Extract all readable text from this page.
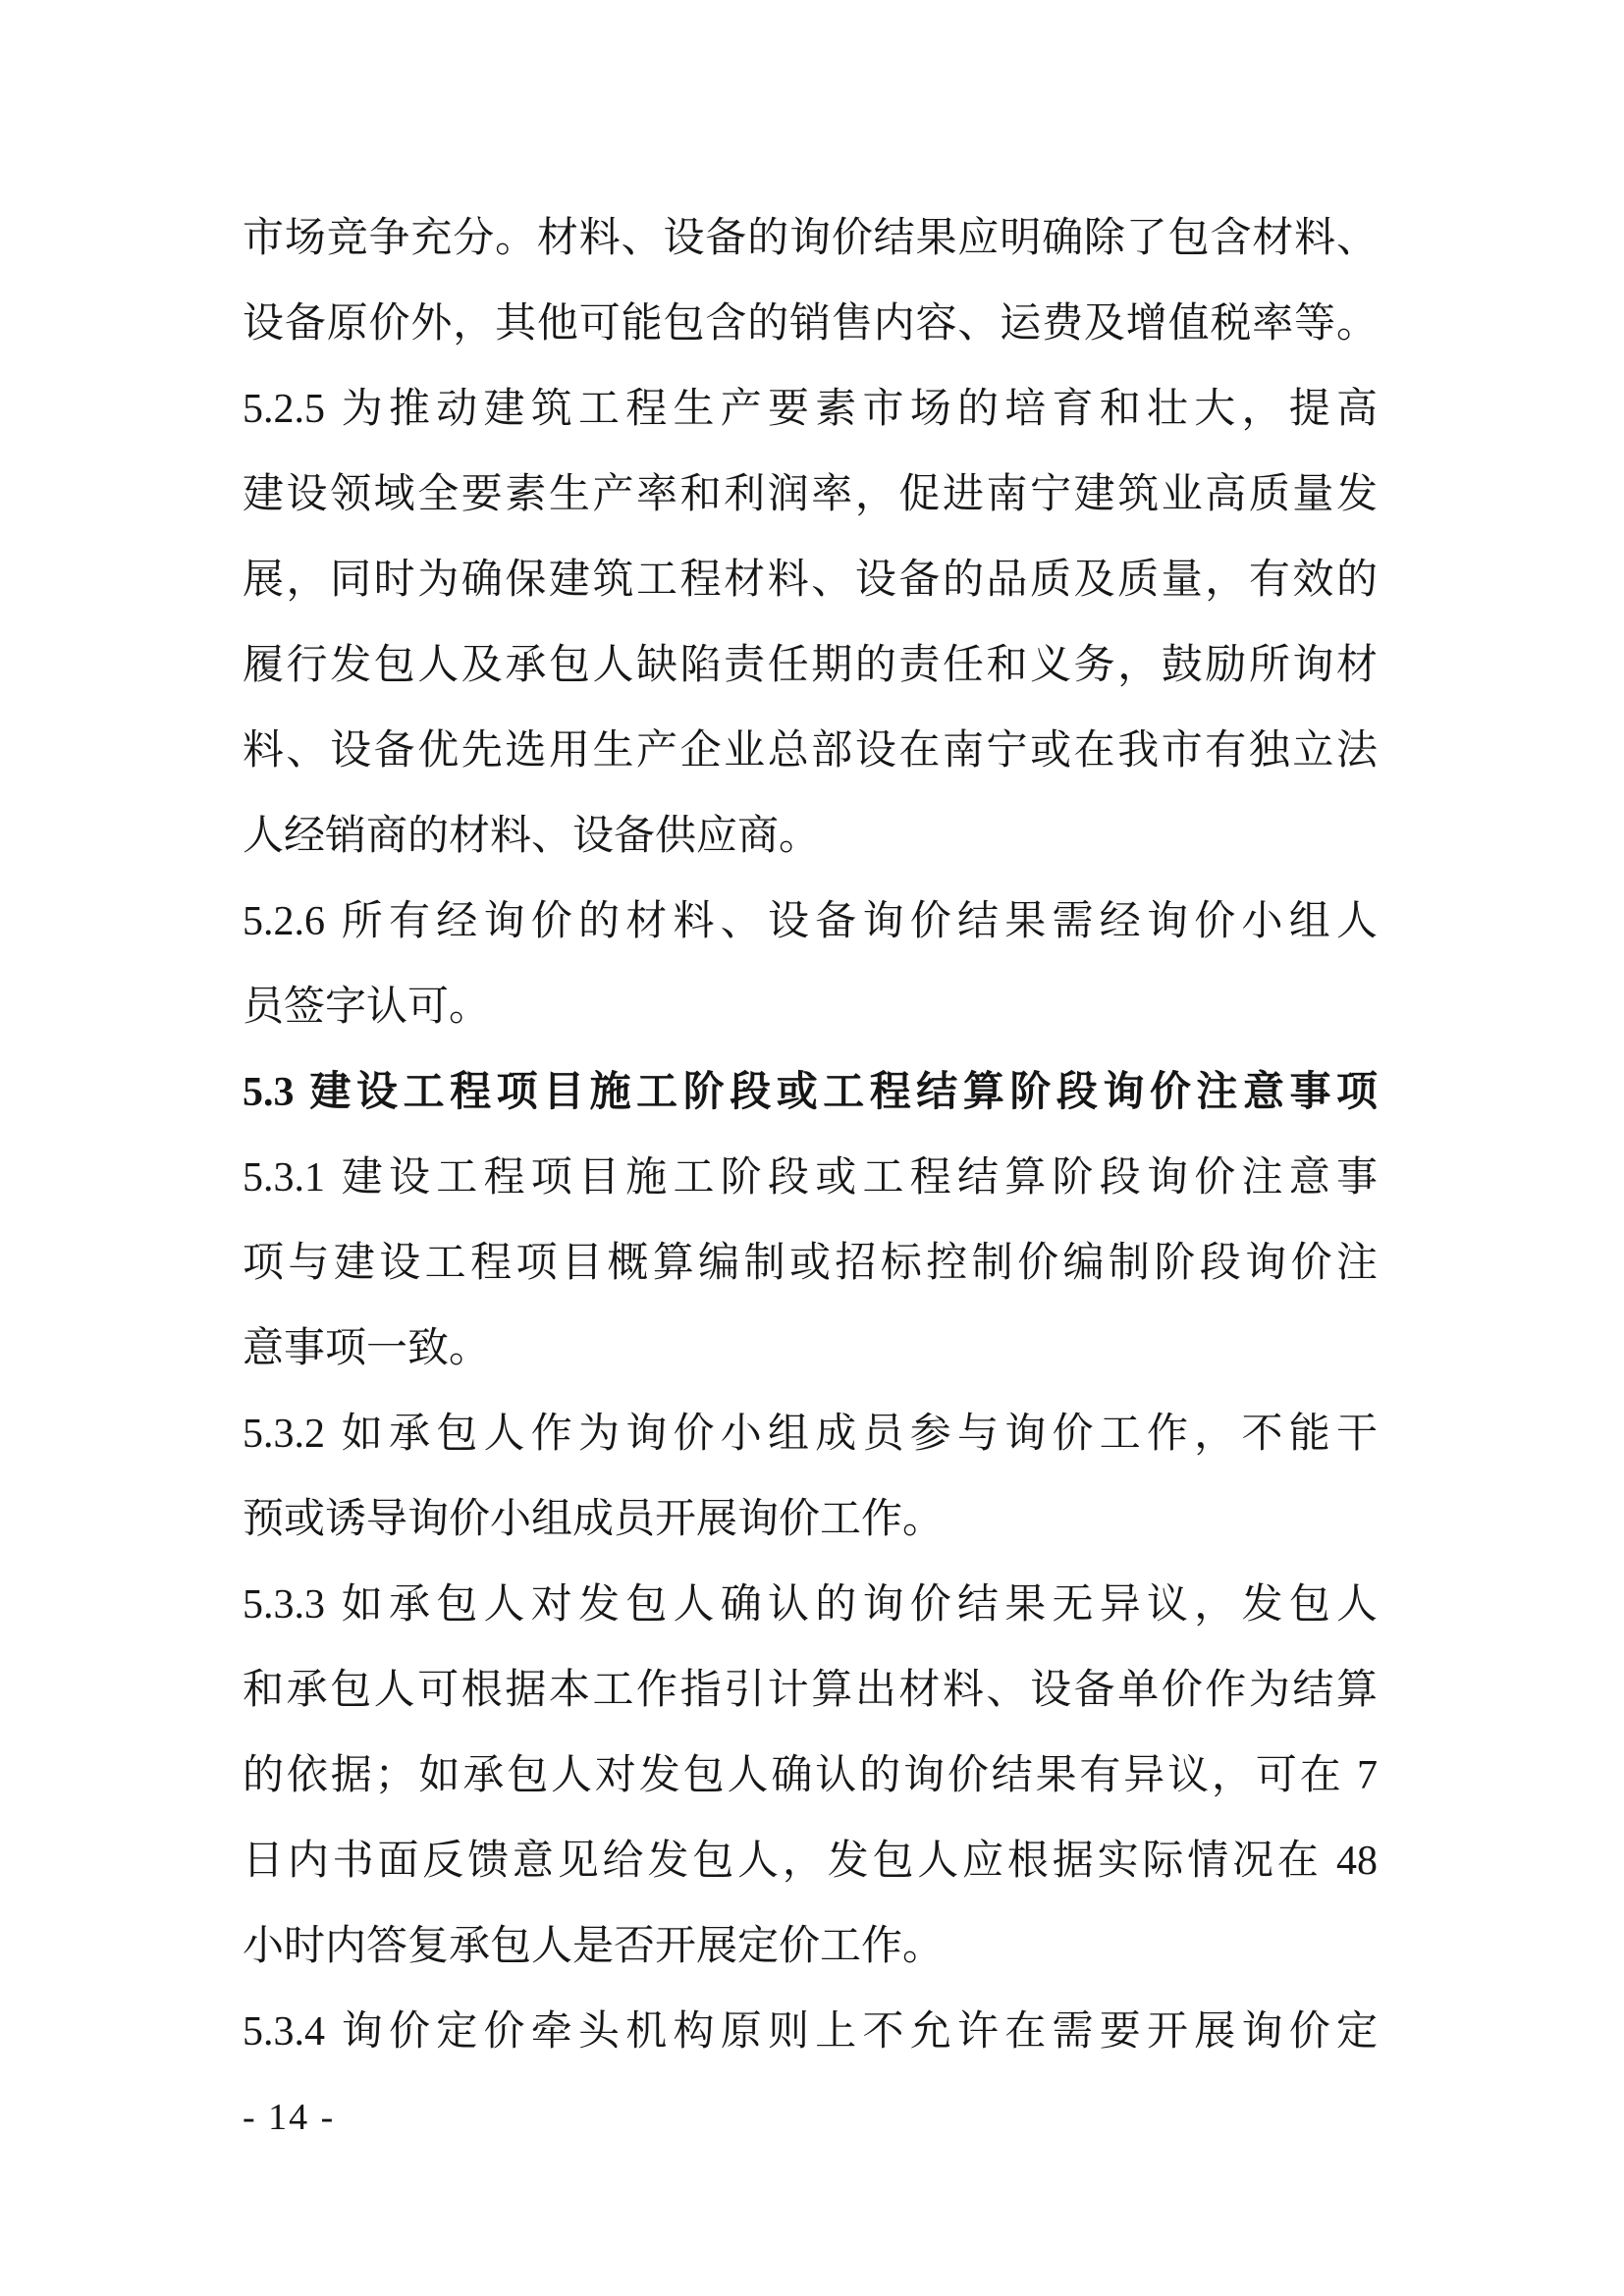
市场竞争充分。材料、设备的询价结果应明确除了包含材料、
设备原价外，其他可能包含的销售内容、运费及增值税率等。
5.2.5 为推动建筑工程生产要素市场的培育和壮大，提高
建设领域全要素生产率和利润率，促进南宁建筑业高质量发
展，同时为确保建筑工程材料、设备的品质及质量，有效的
履行发包人及承包人缺陷责任期的责任和义务，鼓励所询材
料、设备优先选用生产企业总部设在南宁或在我市有独立法
人经销商的材料、设备供应商。
5.2.6 所有经询价的材料、设备询价结果需经询价小组人
员签字认可。
5.3 建设工程项目施工阶段或工程结算阶段询价注意事项
5.3.1 建设工程项目施工阶段或工程结算阶段询价注意事
项与建设工程项目概算编制或招标控制价编制阶段询价注
意事项一致。
5.3.2 如承包人作为询价小组成员参与询价工作，不能干
预或诱导询价小组成员开展询价工作。
5.3.3 如承包人对发包人确认的询价结果无异议，发包人
和承包人可根据本工作指引计算出材料、设备单价作为结算
的依据；如承包人对发包人确认的询价结果有异议，可在 7
日内书面反馈意见给发包人，发包人应根据实际情况在 48
小时内答复承包人是否开展定价工作。
5.3.4 询价定价牵头机构原则上不允许在需要开展询价定
- 14 -
